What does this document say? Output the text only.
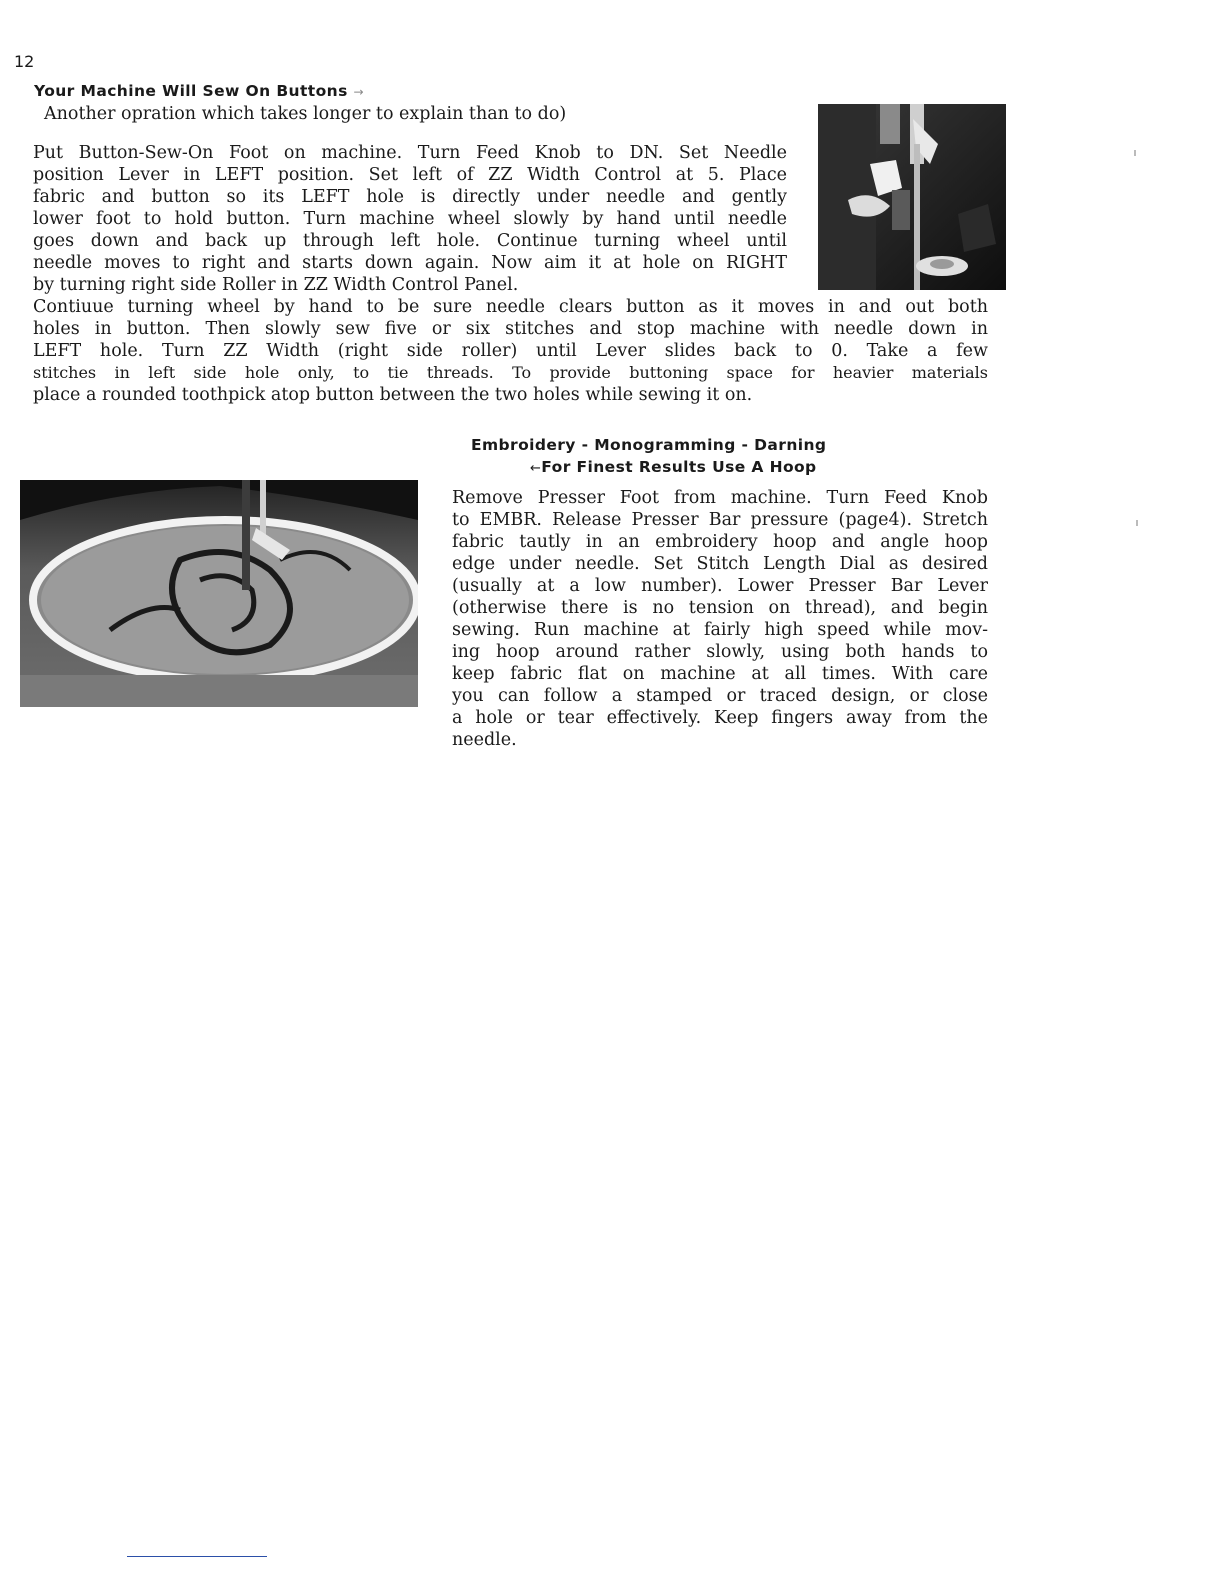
12
Your Machine Will Sew On Buttons →
Another opration which takes longer to explain than to do)
Put Button-Sew-On Foot on machine. Turn Feed Knob to DN. Set Needle
position Lever in LEFT position. Set left of ZZ Width Control at 5. Place
fabric and button so its LEFT hole is directly under needle and gently
lower foot to hold button. Turn machine wheel slowly by hand until needle
goes down and back up through left hole. Continue turning wheel until
needle moves to right and starts down again. Now aim it at hole on RIGHT
by turning right side Roller in ZZ Width Control Panel.
Contiuue turning wheel by hand to be sure needle clears button as it moves in and out both
holes in button. Then slowly sew five or six stitches and stop machine with needle down in
LEFT hole. Turn ZZ Width (right side roller) until Lever slides back to 0. Take a few
stitches in left side hole only, to tie threads. To provide buttoning space for heavier materials
place a rounded toothpick atop button between the two holes while sewing it on.
Embroidery - Monogramming - Darning
←For Finest Results Use A Hoop
Remove Presser Foot from machine. Turn Feed Knob
to EMBR. Release Presser Bar pressure (page4). Stretch
fabric tautly in an embroidery hoop and angle hoop
edge under needle. Set Stitch Length Dial as desired
(usually at a low number). Lower Presser Bar Lever
(otherwise there is no tension on thread), and begin
sewing. Run machine at fairly high speed while mov-
ing hoop around rather slowly, using both hands to
keep fabric flat on machine at all times. With care
you can follow a stamped or traced design, or close
a hole or tear effectively. Keep fingers away from the
needle.
